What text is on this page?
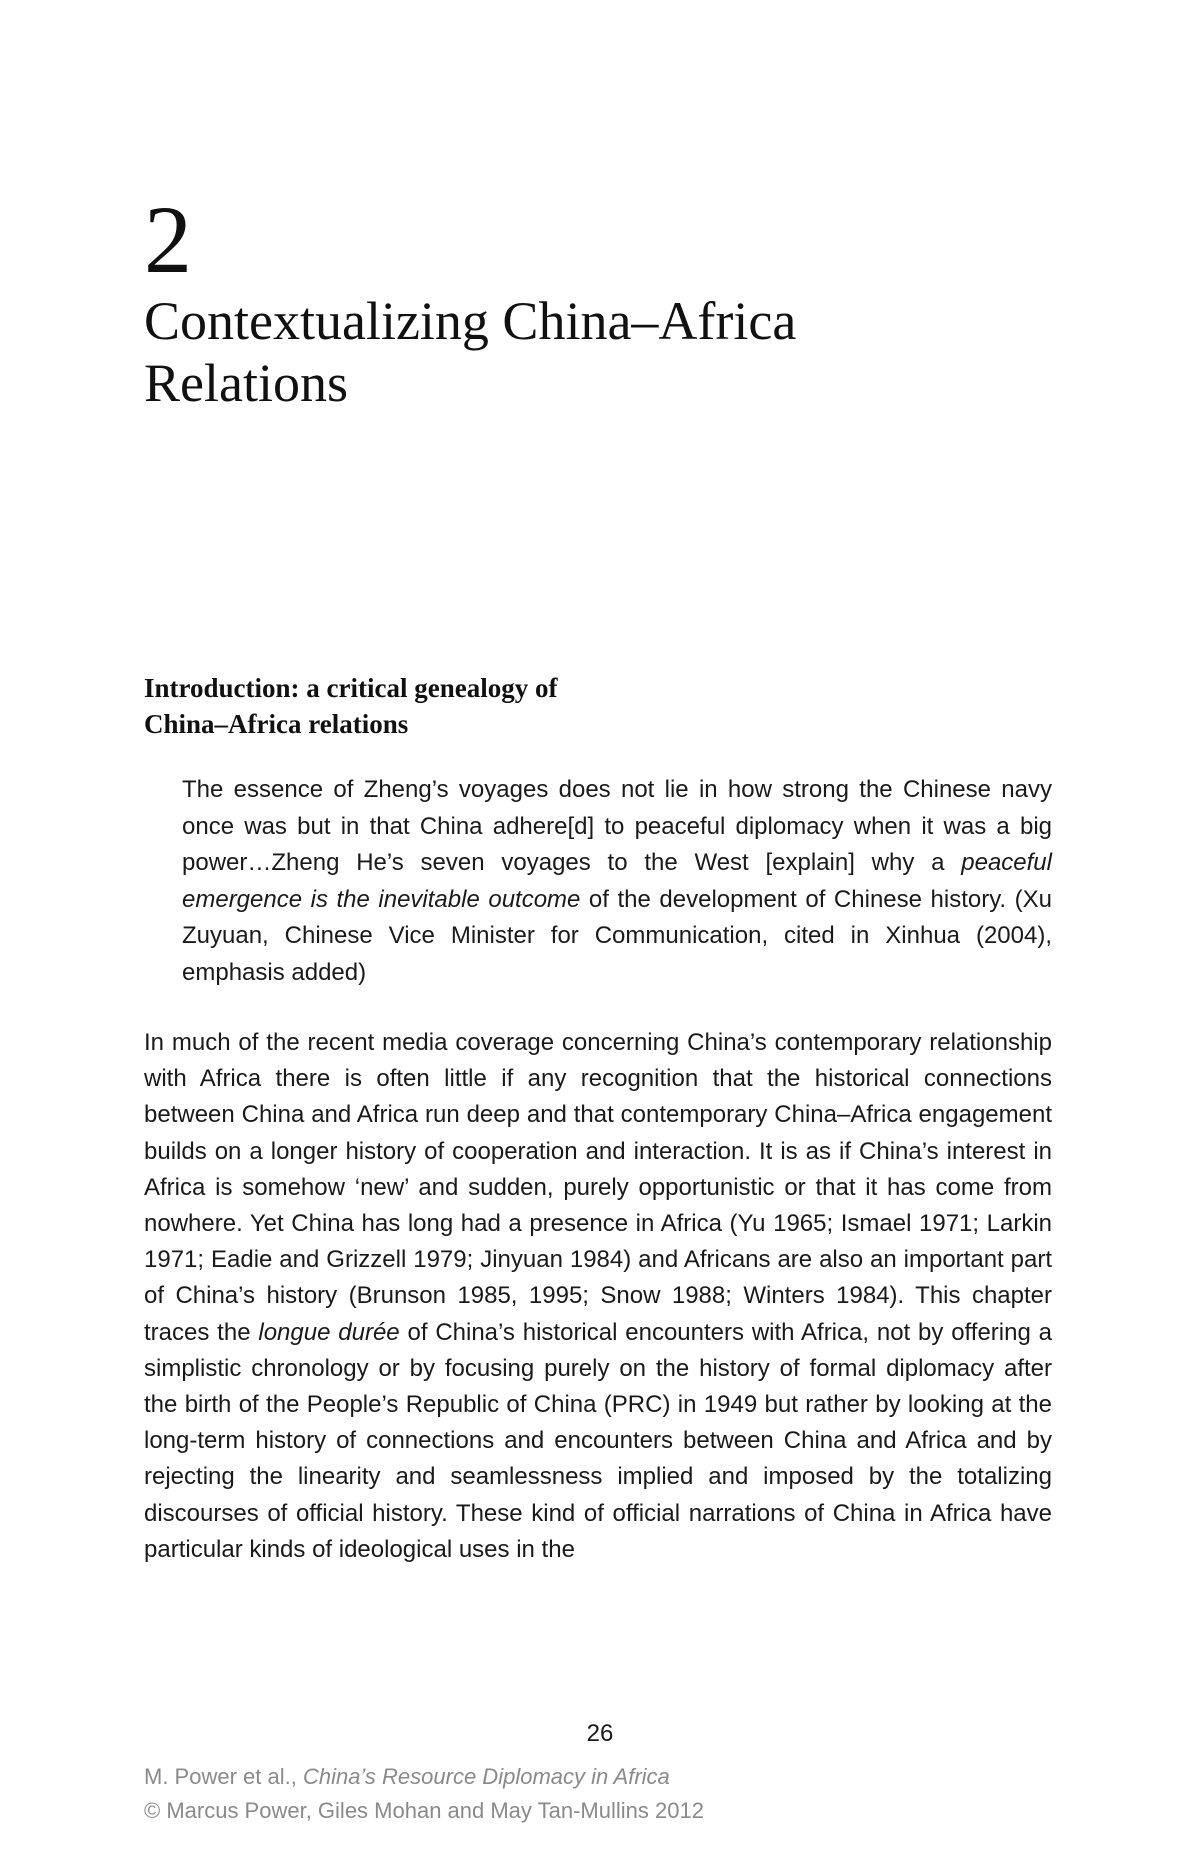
2
Contextualizing China–Africa Relations
Introduction: a critical genealogy of
China–Africa relations

The essence of Zheng’s voyages does not lie in how strong the Chinese navy once was but in that China adhere[d] to peaceful diplomacy when it was a big power…Zheng He’s seven voyages to the West [explain] why a peaceful emergence is the inevitable outcome of the development of Chinese history. (Xu Zuyuan, Chinese Vice Minister for Communication, cited in Xinhua (2004), emphasis added)

In much of the recent media coverage concerning China’s contemporary relationship with Africa there is often little if any recognition that the historical connections between China and Africa run deep and that contemporary China–Africa engagement builds on a longer history of cooperation and interaction. It is as if China’s interest in Africa is somehow ‘new’ and sudden, purely opportunistic or that it has come from nowhere. Yet China has long had a presence in Africa (Yu 1965; Ismael 1971; Larkin 1971; Eadie and Grizzell 1979; Jinyuan 1984) and Africans are also an important part of China’s history (Brunson 1985, 1995; Snow 1988; Winters 1984). This chapter traces the longue durée of China’s historical encounters with Africa, not by offering a simplistic chronology or by focusing purely on the history of formal diplomacy after the birth of the People’s Republic of China (PRC) in 1949 but rather by looking at the long-term history of connections and encounters between China and Africa and by rejecting the linearity and seamlessness implied and imposed by the totalizing discourses of official history. These kind of official narrations of China in Africa have particular kinds of ideological uses in the

26
M. Power et al., China’s Resource Diplomacy in Africa
© Marcus Power, Giles Mohan and May Tan-Mullins 2012
